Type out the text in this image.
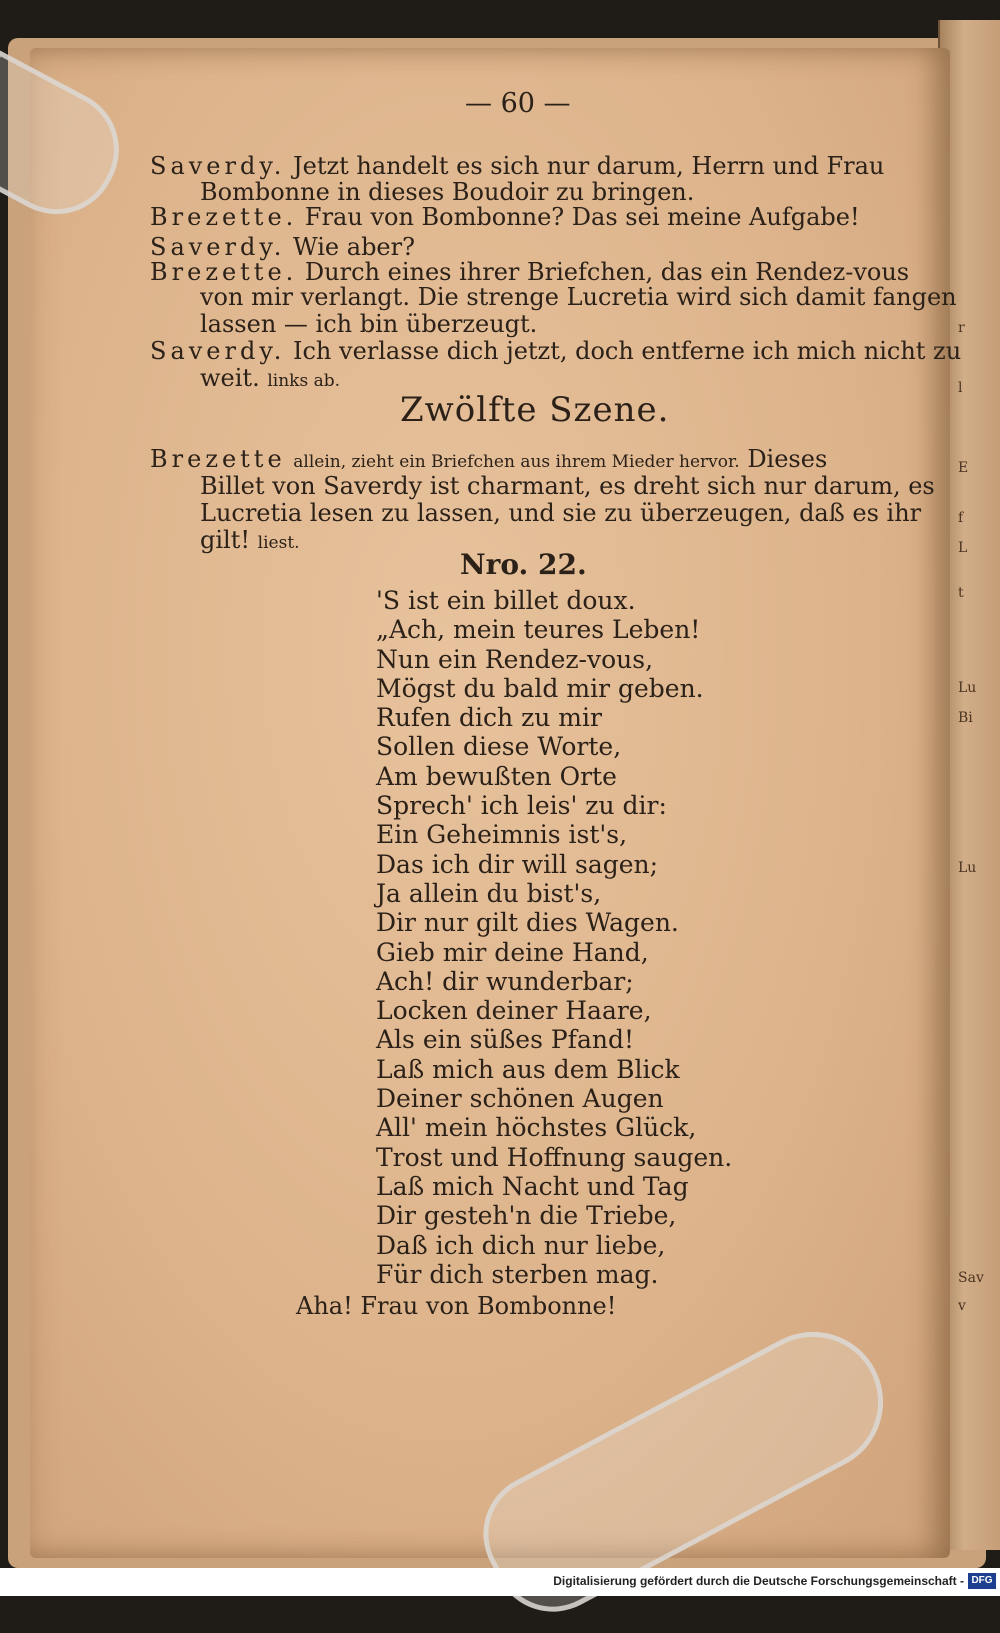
r
l
E
f
L
t
Lu
Bi
Lu
Sav
v
— 60 —
Saverdy. Jetzt handelt es sich nur darum, Herrn und Frau
Bombonne in dieses Boudoir zu bringen.
Brezette. Frau von Bombonne? Das sei meine Aufgabe!
Saverdy. Wie aber?
Brezette. Durch eines ihrer Briefchen, das ein Rendez-vous
von mir verlangt. Die strenge Lucretia wird sich damit fangen
lassen — ich bin überzeugt.
Saverdy. Ich verlasse dich jetzt, doch entferne ich mich nicht zu
weit. links ab.
Zwölfte Szene.
Brezette allein, zieht ein Briefchen aus ihrem Mieder hervor. Dieses
Billet von Saverdy ist charmant, es dreht sich nur darum, es
Lucretia lesen zu lassen, und sie zu überzeugen, daß es ihr
gilt! liest.
Nro. 22.
'S ist ein billet doux.
„Ach, mein teures Leben!
Nun ein Rendez-vous,
Mögst du bald mir geben.
Rufen dich zu mir
Sollen diese Worte,
Am bewußten Orte
Sprech' ich leis' zu dir:
Ein Geheimnis ist's,
Das ich dir will sagen;
Ja allein du bist's,
Dir nur gilt dies Wagen.
Gieb mir deine Hand,
Ach! dir wunderbar;
Locken deiner Haare,
Als ein süßes Pfand!
Laß mich aus dem Blick
Deiner schönen Augen
All' mein höchstes Glück,
Trost und Hoffnung saugen.
Laß mich Nacht und Tag
Dir gesteh'n die Triebe,
Daß ich dich nur liebe,
Für dich sterben mag.
Aha! Frau von Bombonne!
Digitalisierung gefördert durch die Deutsche Forschungsgemeinschaft - DFG
